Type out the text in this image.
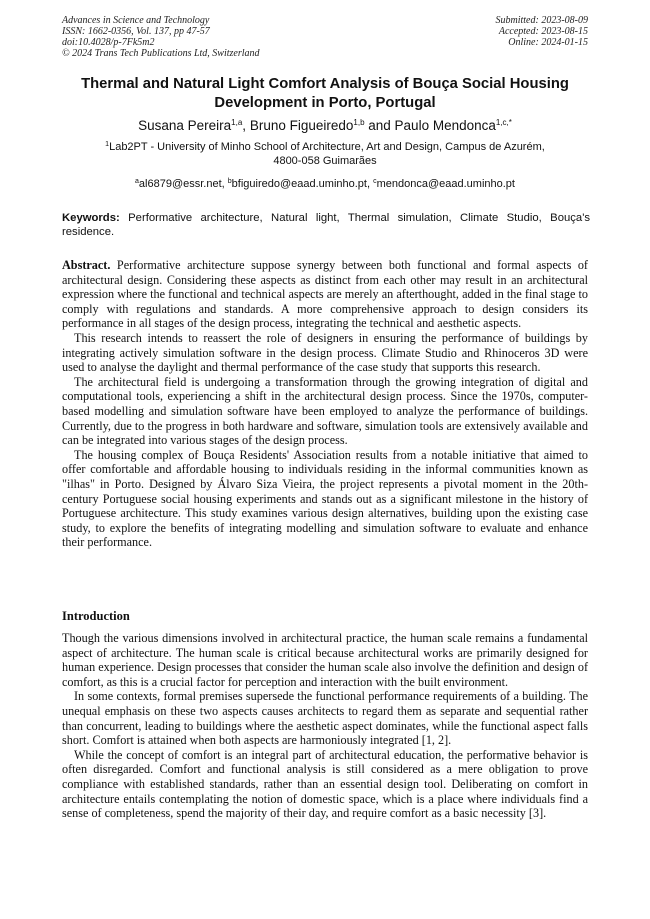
Advances in Science and Technology
ISSN: 1662-0356, Vol. 137, pp 47-57
doi:10.4028/p-7Fk5m2
© 2024 Trans Tech Publications Ltd, Switzerland
Submitted: 2023-08-09
Accepted: 2023-08-15
Online: 2024-01-15
Thermal and Natural Light Comfort Analysis of Bouça Social Housing
Development in Porto, Portugal
Susana Pereira$^{1,a}$, Bruno Figueiredo$^{1,b}$ and Paulo Mendonca$^{1,c,*}$
$^1$Lab2PT - University of Minho School of Architecture, Art and Design, Campus de Azurém,
4800-058 Guimarães
$^a$al6879@essr.net, $^b$bfiguiredo@eaad.uminho.pt, $^c$mendonca@eaad.uminho.pt
Keywords: Performative architecture, Natural light, Thermal simulation, Climate Studio, Bouça's residence.

Abstract. Performative architecture suppose synergy between both functional and formal aspects of architectural design. Considering these aspects as distinct from each other may result in an architectural expression where the functional and technical aspects are merely an afterthought, added in the final stage to comply with regulations and standards. A more comprehensive approach to design considers its performance in all stages of the design process, integrating the technical and aesthetic aspects.

This research intends to reassert the role of designers in ensuring the performance of buildings by integrating actively simulation software in the design process. Climate Studio and Rhinoceros 3D were used to analyse the daylight and thermal performance of the case study that supports this research.

The architectural field is undergoing a transformation through the growing integration of digital and computational tools, experiencing a shift in the architectural design process. Since the 1970s, computer-based modelling and simulation software have been employed to analyze the performance of buildings. Currently, due to the progress in both hardware and software, simulation tools are extensively available and can be integrated into various stages of the design process.

The housing complex of Bouça Residents' Association results from a notable initiative that aimed to offer comfortable and affordable housing to individuals residing in the informal communities known as "ilhas" in Porto. Designed by Álvaro Siza Vieira, the project represents a pivotal moment in the 20th-century Portuguese social housing experiments and stands out as a significant milestone in the history of Portuguese architecture. This study examines various design alternatives, building upon the existing case study, to explore the benefits of integrating modelling and simulation software to evaluate and enhance their performance.

Introduction

Though the various dimensions involved in architectural practice, the human scale remains a fundamental aspect of architecture. The human scale is critical because architectural works are primarily designed for human experience. Design processes that consider the human scale also involve the definition and design of comfort, as this is a crucial factor for perception and interaction with the built environment.

In some contexts, formal premises supersede the functional performance requirements of a building. The unequal emphasis on these two aspects causes architects to regard them as separate and sequential rather than concurrent, leading to buildings where the aesthetic aspect dominates, while the functional aspect falls short. Comfort is attained when both aspects are harmoniously integrated [1, 2].

While the concept of comfort is an integral part of architectural education, the performative behavior is often disregarded. Comfort and functional analysis is still considered as a mere obligation to prove compliance with established standards, rather than an essential design tool. Deliberating on comfort in architecture entails contemplating the notion of domestic space, which is a place where individuals find a sense of completeness, spend the majority of their day, and require comfort as a basic necessity [3].
